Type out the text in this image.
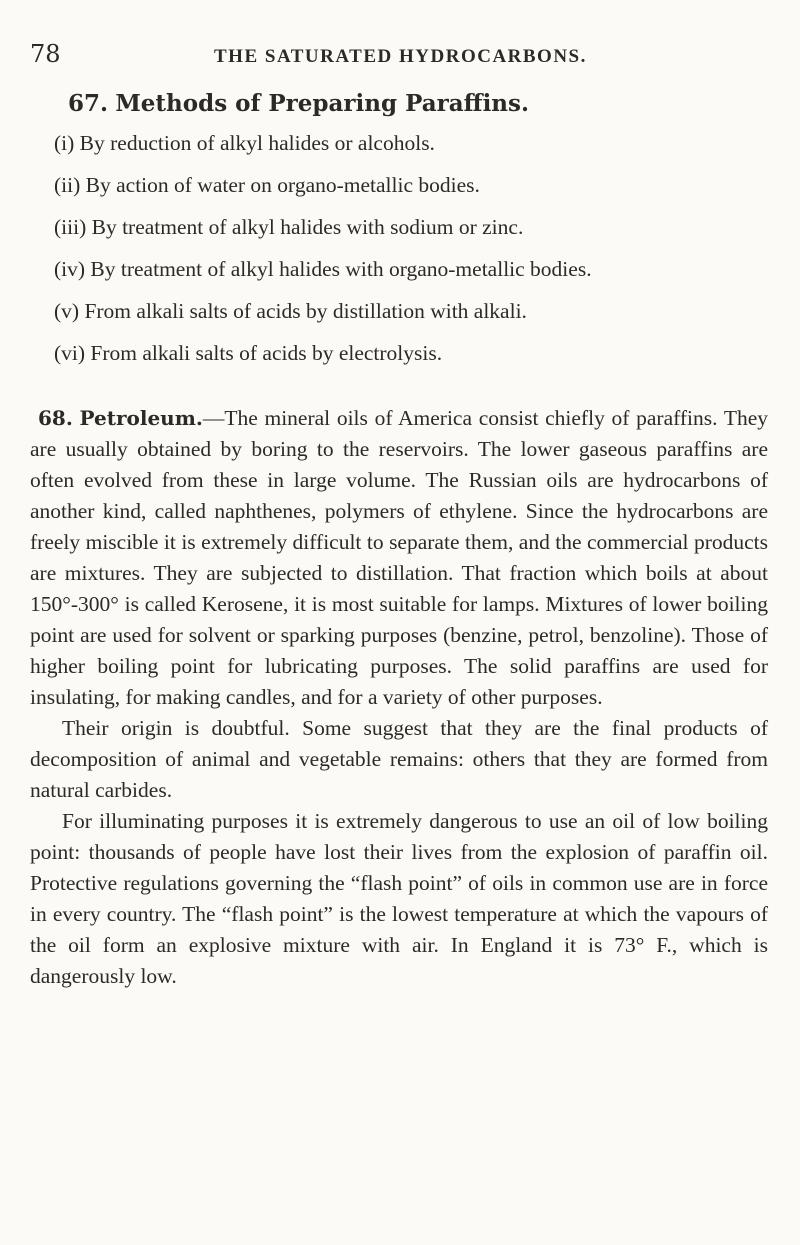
78	THE SATURATED HYDROCARBONS.
67. Methods of Preparing Paraffins.
(i) By reduction of alkyl halides or alcohols.
(ii) By action of water on organo-metallic bodies.
(iii) By treatment of alkyl halides with sodium or zinc.
(iv) By treatment of alkyl halides with organo-metallic bodies.
(v) From alkali salts of acids by distillation with alkali.
(vi) From alkali salts of acids by electrolysis.

68. Petroleum.—The mineral oils of America consist chiefly of paraffins. They are usually obtained by boring to the reservoirs. The lower gaseous paraffins are often evolved from these in large volume. The Russian oils are hydrocarbons of another kind, called naphthenes, polymers of ethylene. Since the hydrocarbons are freely miscible it is extremely difficult to separate them, and the commercial products are mixtures. They are subjected to distillation. That fraction which boils at about 150°-300° is called Kerosene, it is most suitable for lamps. Mixtures of lower boiling point are used for solvent or sparking purposes (benzine, petrol, benzoline). Those of higher boiling point for lubricating purposes. The solid paraffins are used for insulating, for making candles, and for a variety of other purposes.

Their origin is doubtful. Some suggest that they are the final products of decomposition of animal and vegetable remains: others that they are formed from natural carbides.

For illuminating purposes it is extremely dangerous to use an oil of low boiling point: thousands of people have lost their lives from the explosion of paraffin oil. Protective regulations governing the “flash point” of oils in common use are in force in every country. The “flash point” is the lowest temperature at which the vapours of the oil form an explosive mixture with air. In England it is 73° F., which is dangerously low.
